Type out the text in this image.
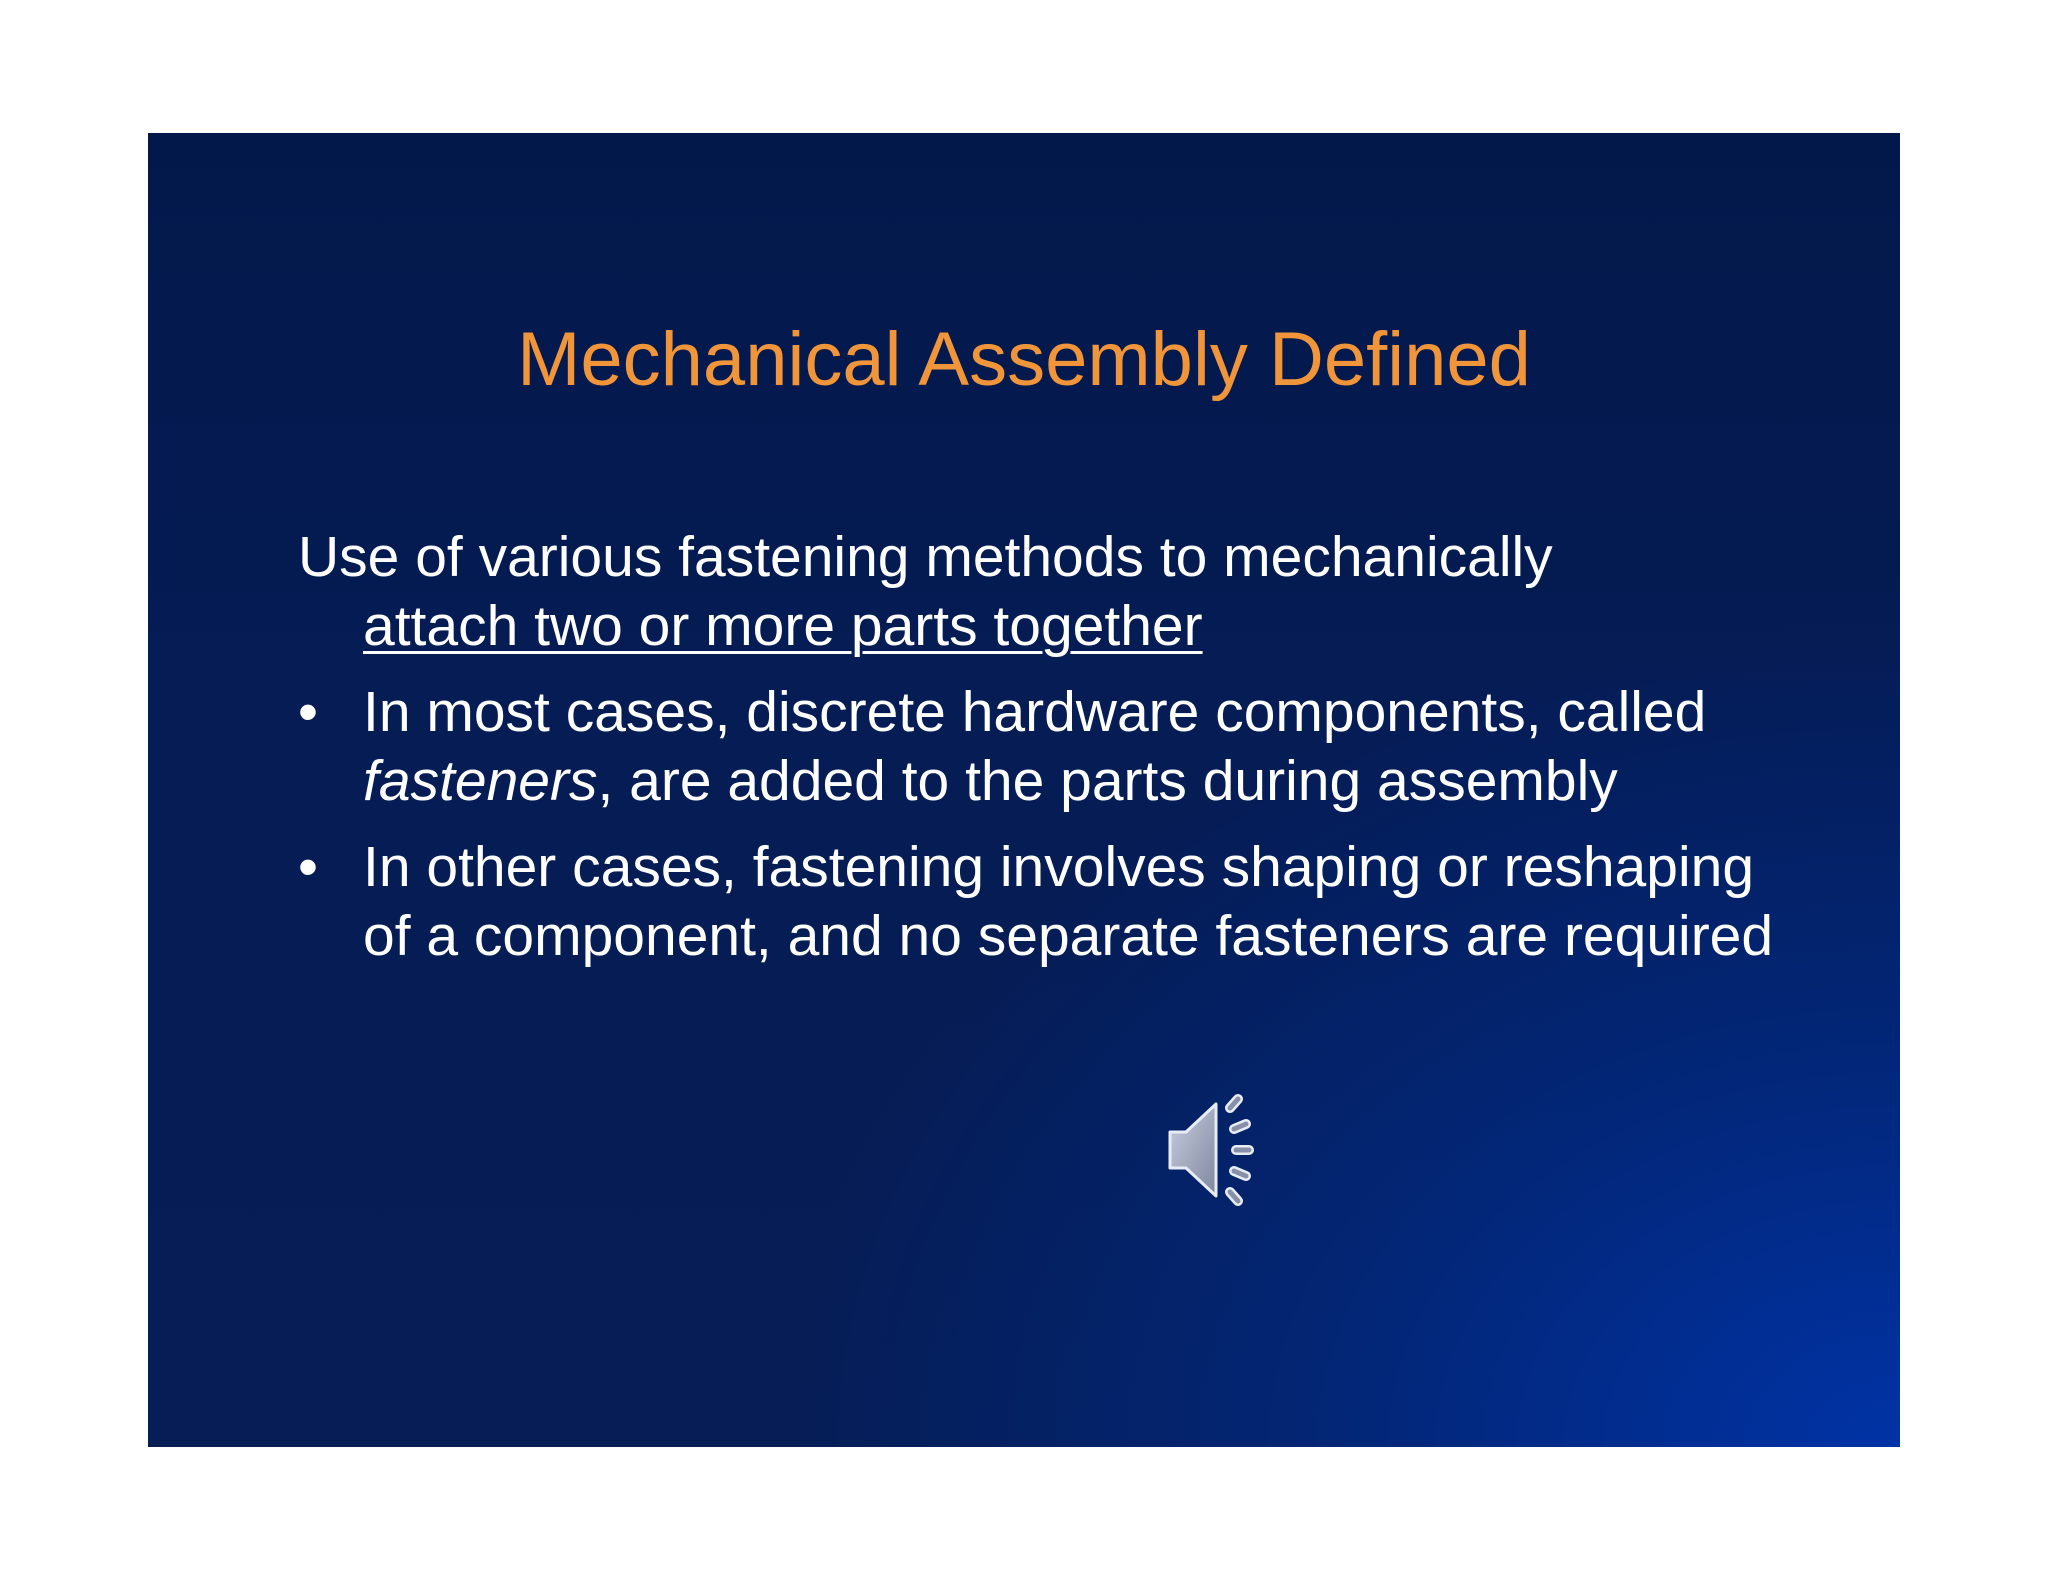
Mechanical Assembly Defined

Use of various fastening methods to mechanically
attach two or more parts together

• In most cases, discrete hardware components, called fasteners, are added to the parts during assembly
• In other cases, fastening involves shaping or reshaping of a component, and no separate fasteners are required
